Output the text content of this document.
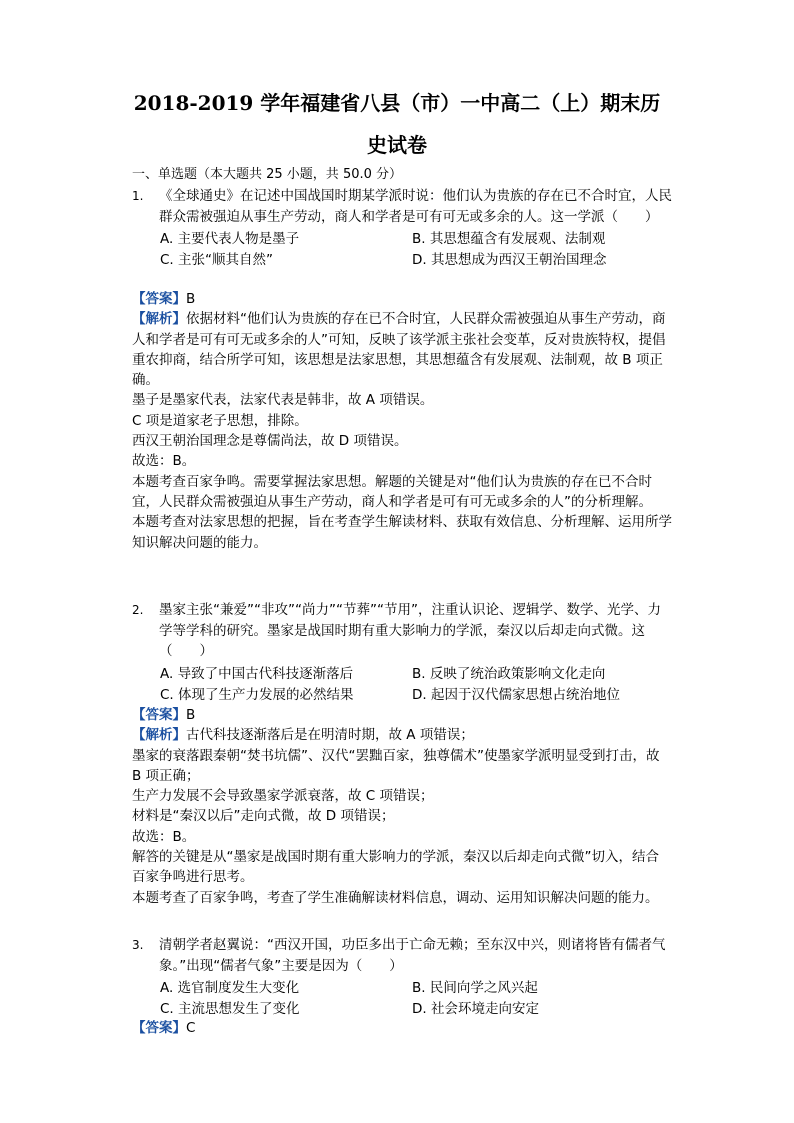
2018-2019 学年福建省八县（市）一中高二（上）期末历
史试卷
一、单选题（本大题共 25 小题，共 50.0 分）
1. 《全球通史》在记述中国战国时期某学派时说：他们认为贵族的存在已不合时宜，人民群众需被强迫从事生产劳动，商人和学者是可有可无或多余的人。这一学派（　　）
A. 主要代表人物是墨子	B. 其思想蕴含有发展观、法制观
C. 主张“顺其自然”	D. 其思想成为西汉王朝治国理念

【答案】B

【解析】依据材料“他们认为贵族的存在已不合时宜，人民群众需被强迫从事生产劳动，商人和学者是可有可无或多余的人”可知，反映了该学派主张社会变革，反对贵族特权，提倡重农抑商，结合所学可知，该思想是法家思想，其思想蕴含有发展观、法制观，故 B 项正确。

墨子是墨家代表，法家代表是韩非，故 A 项错误。

C 项是道家老子思想，排除。

西汉王朝治国理念是尊儒尚法，故 D 项错误。

故选：B。

本题考查百家争鸣。需要掌握法家思想。解题的关键是对“他们认为贵族的存在已不合时宜，人民群众需被强迫从事生产劳动，商人和学者是可有可无或多余的人”的分析理解。

本题考查对法家思想的把握，旨在考查学生解读材料、获取有效信息、分析理解、运用所学知识解决问题的能力。

2. 墨家主张“兼爱”“非攻”“尚力”“节葬”“节用”，注重认识论、逻辑学、数学、光学、力学等学科的研究。墨家是战国时期有重大影响力的学派，秦汉以后却走向式微。这（　　）
A. 导致了中国古代科技逐渐落后	B. 反映了统治政策影响文化走向
C. 体现了生产力发展的必然结果	D. 起因于汉代儒家思想占统治地位

【答案】B

【解析】古代科技逐渐落后是在明清时期，故 A 项错误；

墨家的衰落跟秦朝“焚书坑儒”、汉代“罢黜百家，独尊儒术”使墨家学派明显受到打击，故 B 项正确；

生产力发展不会导致墨家学派衰落，故 C 项错误；

材料是“秦汉以后”走向式微，故 D 项错误；

故选：B。

解答的关键是从“墨家是战国时期有重大影响力的学派，秦汉以后却走向式微”切入，结合百家争鸣进行思考。

本题考查了百家争鸣，考查了学生准确解读材料信息，调动、运用知识解决问题的能力。

3. 清朝学者赵翼说：“西汉开国，功臣多出于亡命无赖；至东汉中兴，则诸将皆有儒者气象。”出现“儒者气象”主要是因为（　　）
A. 选官制度发生大变化	B. 民间向学之风兴起
C. 主流思想发生了变化	D. 社会环境走向安定

【答案】C
